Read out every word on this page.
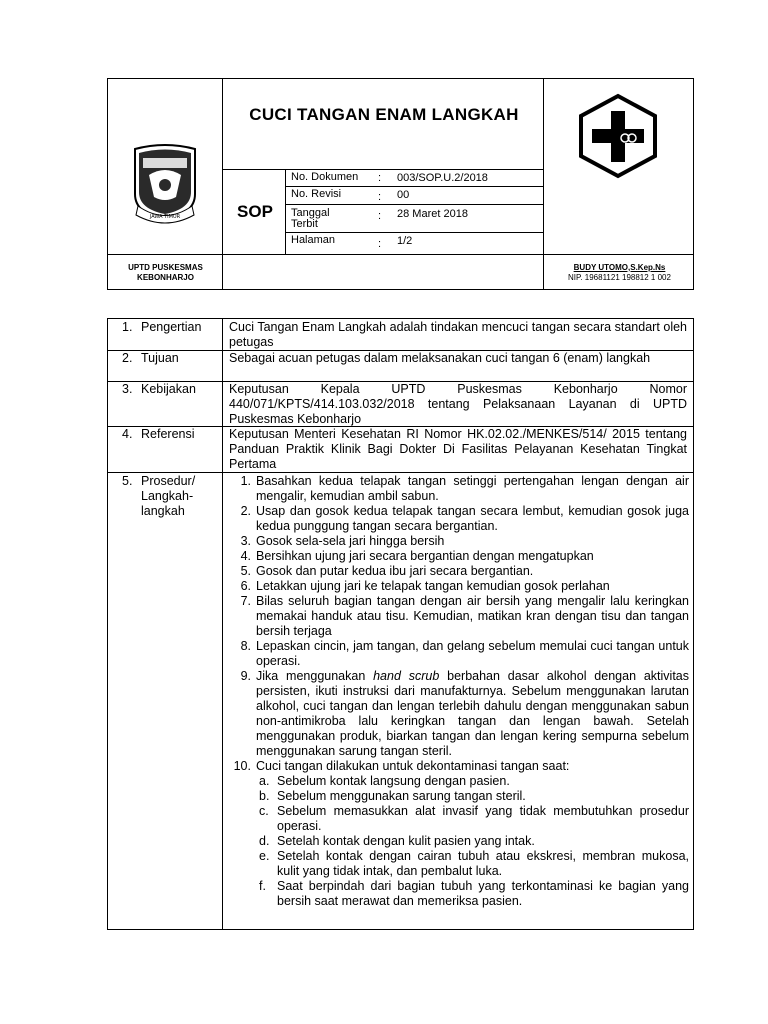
JAWA TIMUR
CUCI TANGAN ENAM LANGKAH
SOP
No. Dokumen : 003/SOP.U.2/2018
No. Revisi	: 00
Tanggal Terbit
: 28 Maret 2018
Halaman	: 1/2
UPTD PUSKESMAS
KEBONHARJO
BUDY UTOMO,S.Kep.Ns
NIP. 19681121 198812 1 002
1. Pengertian	Cuci Tangan Enam Langkah adalah tindakan mencuci tangan secara standart oleh petugas
2. Tujuan	Sebagai acuan petugas dalam melaksanakan cuci tangan 6 (enam) langkah
3. Kebijakan	Keputusan Kepala UPTD Puskesmas Kebonharjo Nomor 440/071/KPTS/414.103.032/2018 tentang Pelaksanaan Layanan di UPTD Puskesmas Kebonharjo
4. Referensi	Keputusan Menteri Kesehatan RI Nomor HK.02.02./MENKES/514/ 2015 tentang Panduan Praktik Klinik Bagi Dokter Di Fasilitas Pelayanan Kesehatan Tingkat Pertama
5. Prosedur/ Langkah-langkah
1. Basahkan kedua telapak tangan setinggi pertengahan lengan dengan air mengalir, kemudian ambil sabun.
2. Usap dan gosok kedua telapak tangan secara lembut, kemudian gosok juga kedua punggung tangan secara bergantian.
3. Gosok sela-sela jari hingga bersih
4. Bersihkan ujung jari secara bergantian dengan mengatupkan
5. Gosok dan putar kedua ibu jari secara bergantian.
6. Letakkan ujung jari ke telapak tangan kemudian gosok perlahan
7. Bilas seluruh bagian tangan dengan air bersih yang mengalir lalu keringkan memakai handuk atau tisu. Kemudian, matikan kran dengan tisu dan tangan bersih terjaga
8. Lepaskan cincin, jam tangan, dan gelang sebelum memulai cuci tangan untuk operasi.
9. Jika menggunakan hand scrub berbahan dasar alkohol dengan aktivitas persisten, ikuti instruksi dari manufakturnya. Sebelum menggunakan larutan alkohol, cuci tangan dan lengan terlebih dahulu dengan menggunakan sabun non-antimikroba lalu keringkan tangan dan lengan bawah. Setelah menggunakan produk, biarkan tangan dan lengan kering sempurna sebelum menggunakan sarung tangan steril.
10. Cuci tangan dilakukan untuk dekontaminasi tangan saat:
a. Sebelum kontak langsung dengan pasien.
b. Sebelum menggunakan sarung tangan steril.
c. Sebelum memasukkan alat invasif yang tidak membutuhkan prosedur operasi.
d. Setelah kontak dengan kulit pasien yang intak.
e. Setelah kontak dengan cairan tubuh atau ekskresi, membran mukosa, kulit yang tidak intak, dan pembalut luka.
f. Saat berpindah dari bagian tubuh yang terkontaminasi ke bagian yang bersih saat merawat dan memeriksa pasien.
